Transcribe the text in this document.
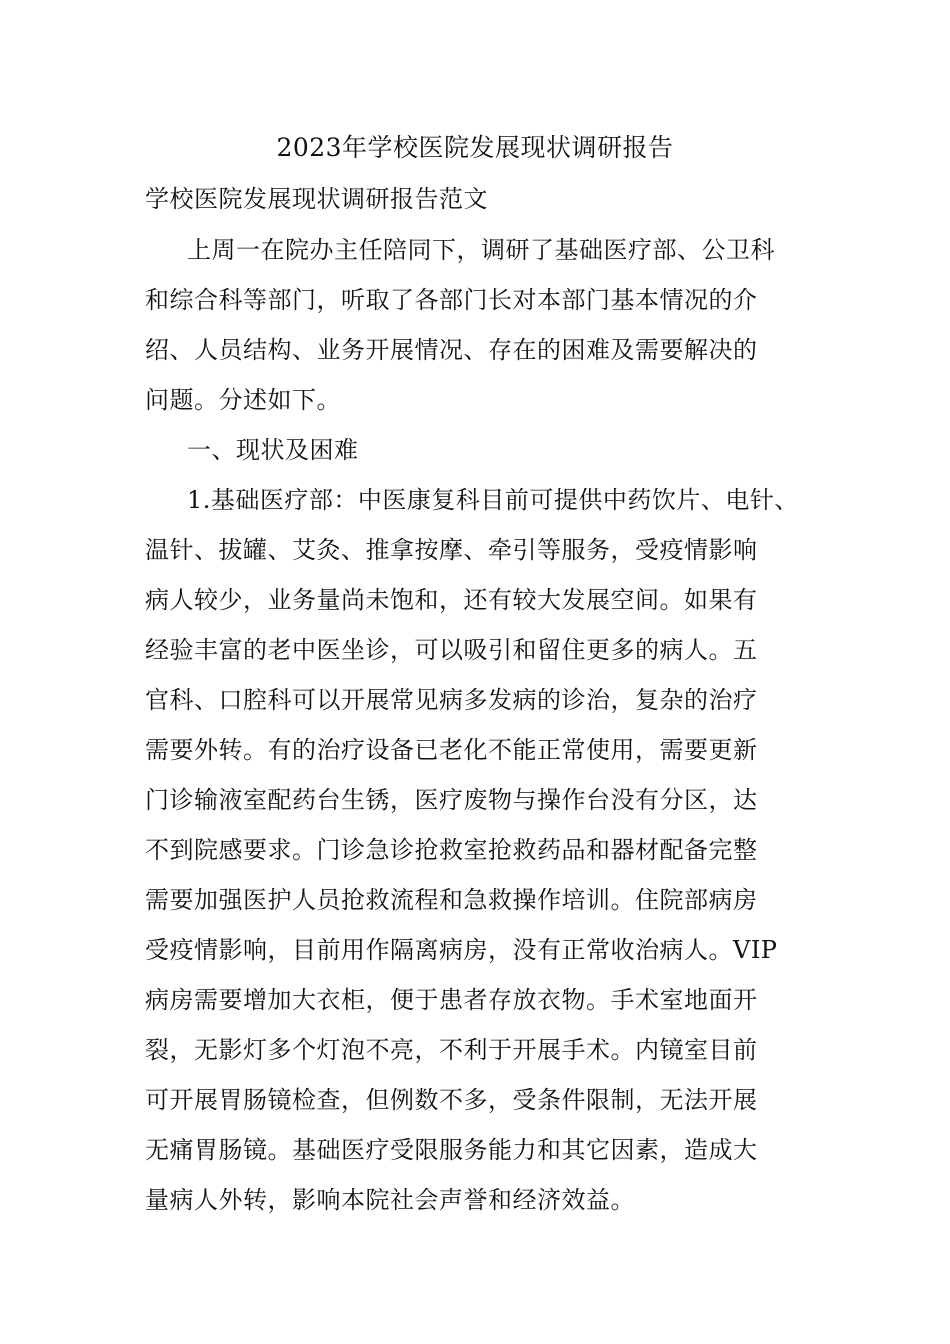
2023年学校医院发展现状调研报告
学校医院发展现状调研报告范文
上周一在院办主任陪同下，调研了基础医疗部、公卫科
和综合科等部门，听取了各部门长对本部门基本情况的介
绍、人员结构、业务开展情况、存在的困难及需要解决的
问题。分述如下。
一、现状及困难
1.基础医疗部：中医康复科目前可提供中药饮片、电针、
温针、拔罐、艾灸、推拿按摩、牵引等服务，受疫情影响
病人较少，业务量尚未饱和，还有较大发展空间。如果有
经验丰富的老中医坐诊，可以吸引和留住更多的病人。五
官科、口腔科可以开展常见病多发病的诊治，复杂的治疗
需要外转。有的治疗设备已老化不能正常使用，需要更新
门诊输液室配药台生锈，医疗废物与操作台没有分区，达
不到院感要求。门诊急诊抢救室抢救药品和器材配备完整
需要加强医护人员抢救流程和急救操作培训。住院部病房
受疫情影响，目前用作隔离病房，没有正常收治病人。VIP
病房需要增加大衣柜，便于患者存放衣物。手术室地面开
裂，无影灯多个灯泡不亮，不利于开展手术。内镜室目前
可开展胃肠镜检查，但例数不多，受条件限制，无法开展
无痛胃肠镜。基础医疗受限服务能力和其它因素，造成大
量病人外转，影响本院社会声誉和经济效益。
